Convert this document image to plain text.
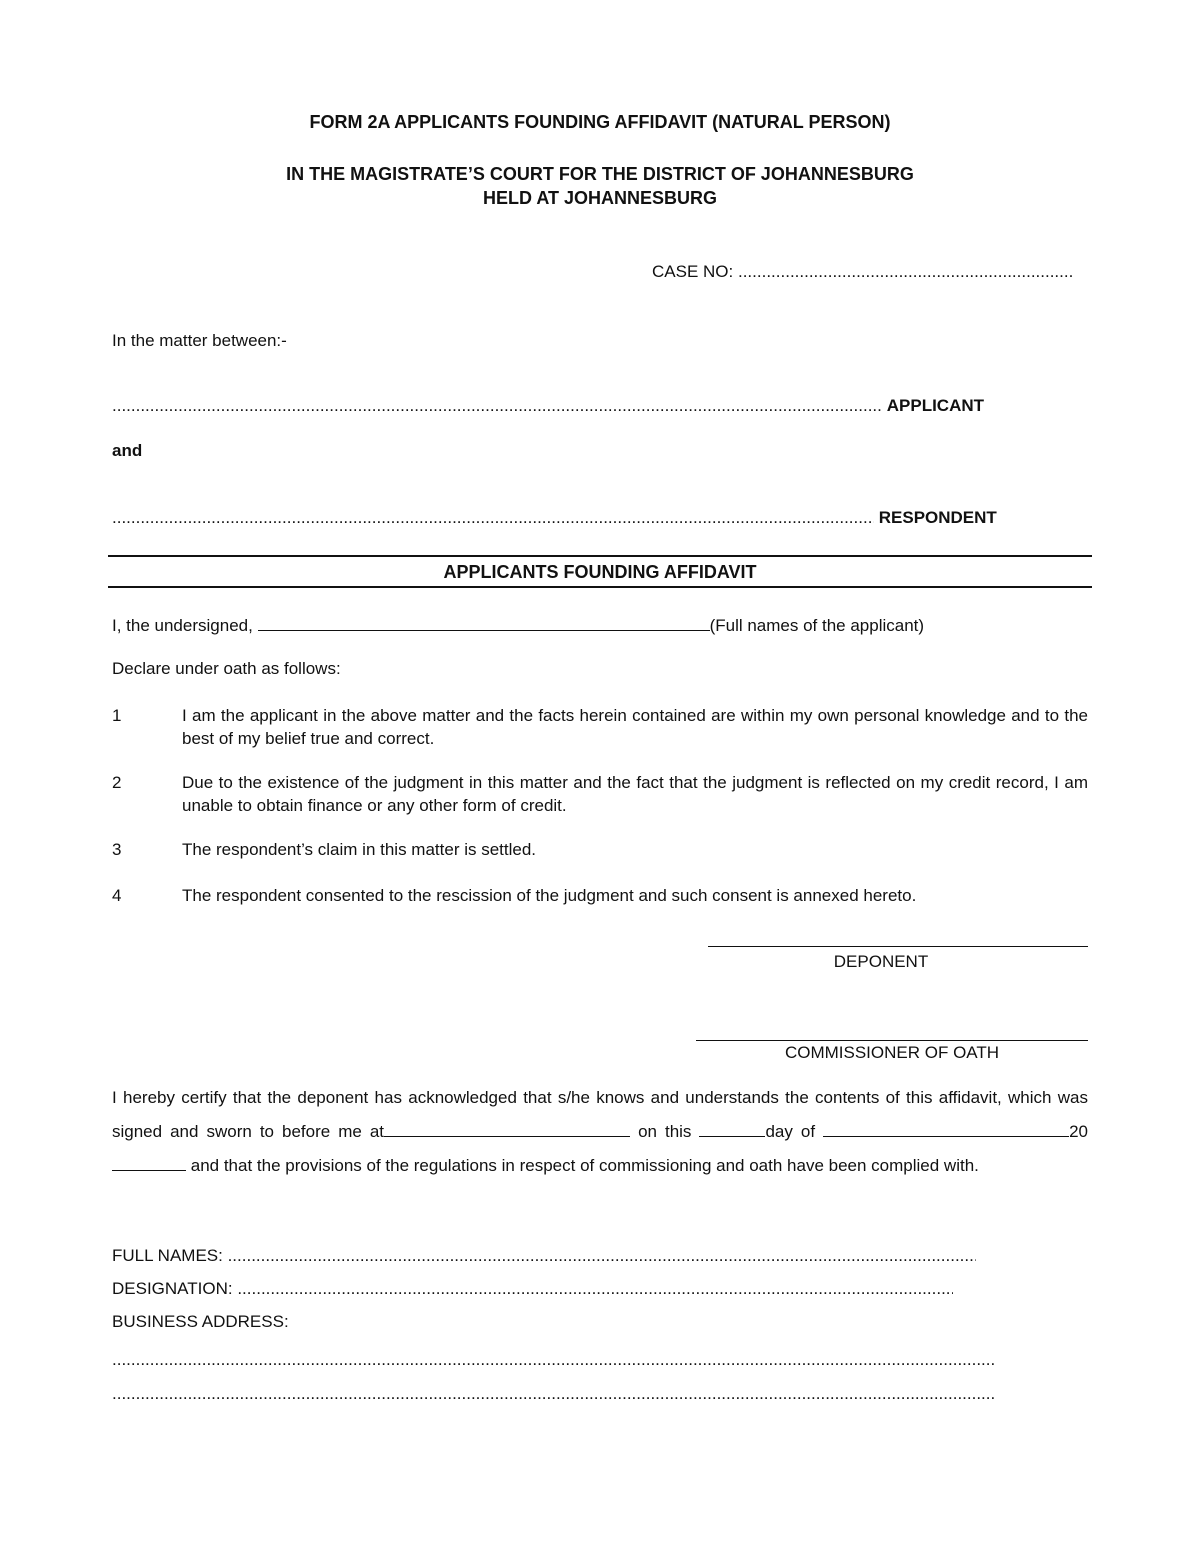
FORM 2A APPLICANTS FOUNDING AFFIDAVIT (NATURAL PERSON)
IN THE MAGISTRATE’S COURT FOR THE DISTRICT OF JOHANNESBURG
HELD AT JOHANNESBURG
CASE NO: .....
In the matter between:-
..... APPLICANT
and
..... RESPONDENT
APPLICANTS FOUNDING AFFIDAVIT
I, the undersigned,	(Full names of the applicant)
Declare under oath as follows:
1	I am the applicant in the above matter and the facts herein contained are within my own personal knowledge and to the best of my belief true and correct.
2	Due to the existence of the judgment in this matter and the fact that the judgment is reflected on my credit record, I am unable to obtain finance or any other form of credit.
3	The respondent’s claim in this matter is settled.
4	The respondent consented to the rescission of the judgment and such consent is annexed hereto.
DEPONENT
COMMISSIONER OF OATH
I hereby certify that the deponent has acknowledged that s/he knows and understands the contents of this affidavit, which was signed and sworn to before me at	on this	day of	20 and that the provisions of the regulations in respect of commissioning and oath have been complied with.
FULL NAMES: .....
DESIGNATION: .....
BUSINESS ADDRESS:
.....
.....
